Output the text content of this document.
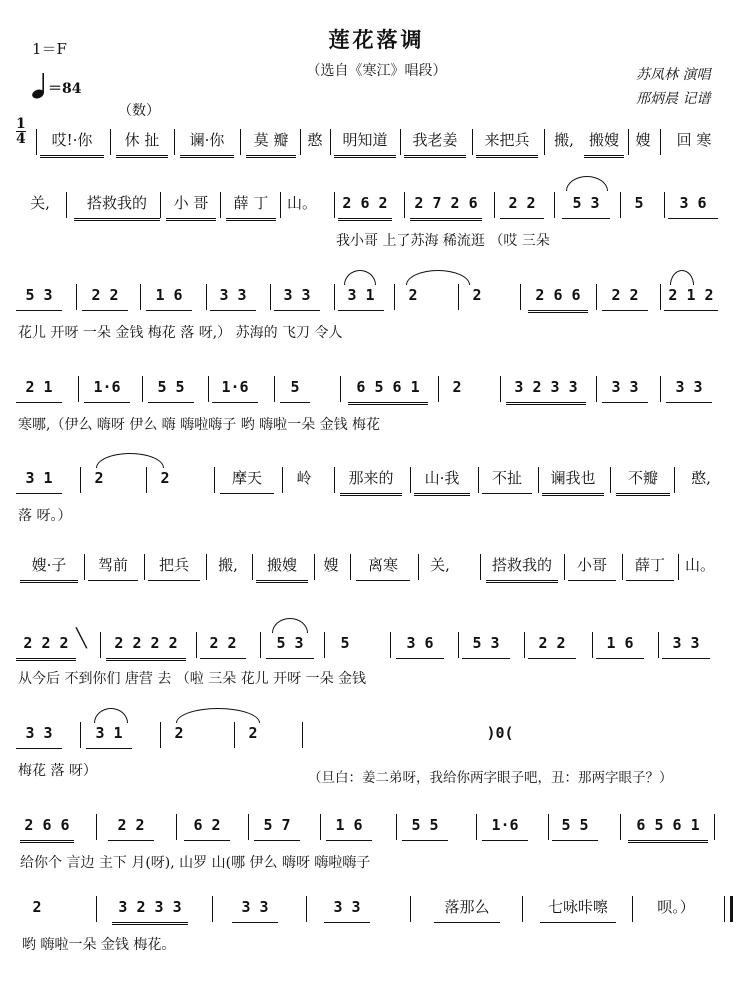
莲花落调
（选自《寒江》唱段）
1＝F
＝84
苏凤林 演唱
邢炳晨 记谱
（数）
1
4	哎!·你	休 扯	谰·你	莫 瓣	憨	明知道	我老姜	来把兵	搬,	搬嫂	嫂	回 寒
关,	搭救我的	小 哥	薛 丁	山。	2 6 2 2 7 2 6	2 2	5 3	5	3 6
我小哥 上了苏海 稀流逛 （哎 三朵
5 3	2 2	1 6	3 3	3 3	3 1	2	2	2 6 6	2 2	2 1 2
花儿 开呀 一朵 金钱 梅花 落 呀,） 苏海的 飞刀 令人
2 1	1·6	5 5	1·6	5	6 5 6 1	2	3 2 3 3	3 3	3 3
寒哪,（伊么 嗨呀 伊么 嗨 嗨啦嗨子 哟 嗨啦一朵 金钱 梅花
3 1	2	2	摩天	岭	那来的	山·我	不扯	谰我也	不瓣	憨,
落 呀。）
嫂·子	驾前	把兵	搬,	搬嫂	嫂	离寒	关,	搭救我的	小哥	薛丁	山。
2 2 2 ╲	2 2 2 2	2 2	5 3	5	3 6	5 3	2 2	1 6	3 3
从今后 不到你们 唐营 去 （啦 三朵 花儿 开呀 一朵 金钱
3 3	3 1	2	2	)0(
梅花 落 呀）	（旦白：姜二弟呀，我给你两字眼子吧，丑：那两字眼子？）
2 6 6	2 2	6 2	5 7	1 6	5 5	1·6	5 5	6 5 6 1
给你个 言边 主下 月(呀), 山罗 山(哪 伊么 嗨呀 嗨啦嗨子
2	3 2 3 3	3 3	3 3	落那么	七咏咔嚓	呗。）
哟 嗨啦一朵 金钱 梅花。
